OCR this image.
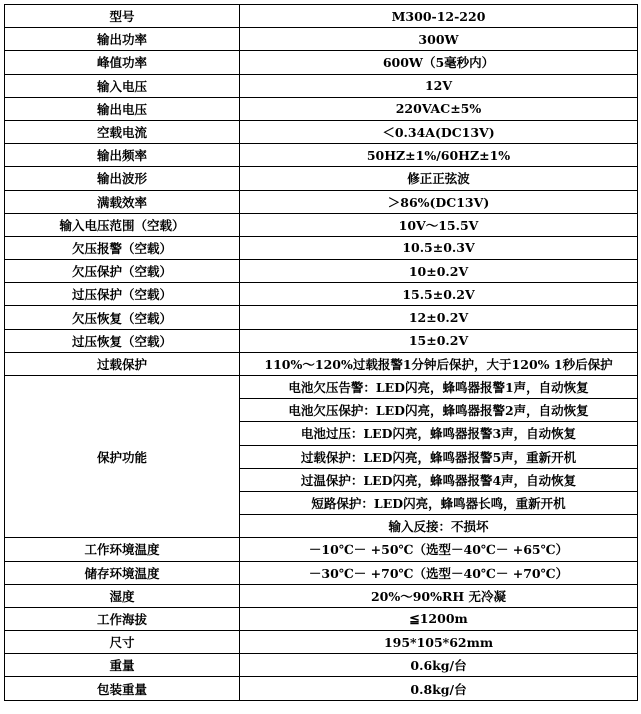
型号	M300-12-220
输出功率	300W
峰值功率	600W（5毫秒内）
输入电压	12V
输出电压	220VAC±5%
空载电流	＜0.34A(DC13V)
输出频率	50HZ±1%/60HZ±1%
输出波形	修正正弦波
满载效率	＞86%(DC13V)
输入电压范围（空载）	10V～15.5V
欠压报警（空载）	10.5±0.3V
欠压保护（空载）	10±0.2V
过压保护（空载）	15.5±0.2V
欠压恢复（空载）	12±0.2V
过压恢复（空载）	15±0.2V
过载保护	110%～120%过载报警1分钟后保护，大于120% 1秒后保护
保护功能	电池欠压告警：LED闪亮，蜂鸣器报警1声，自动恢复
	电池欠压保护：LED闪亮，蜂鸣器报警2声，自动恢复
	电池过压：LED闪亮，蜂鸣器报警3声，自动恢复
	过载保护：LED闪亮，蜂鸣器报警5声，重新开机
	过温保护：LED闪亮，蜂鸣器报警4声，自动恢复
	短路保护：LED闪亮，蜂鸣器长鸣，重新开机
	输入反接：不损坏
工作环境温度	－10℃－ +50℃（选型－40℃－ +65℃）
储存环境温度	－30℃－ +70℃（选型－40℃－ +70℃）
湿度	20%～90%RH 无冷凝
工作海拔	≦1200m
尺寸	195*105*62mm
重量	0.6kg/台
包装重量	0.8kg/台
